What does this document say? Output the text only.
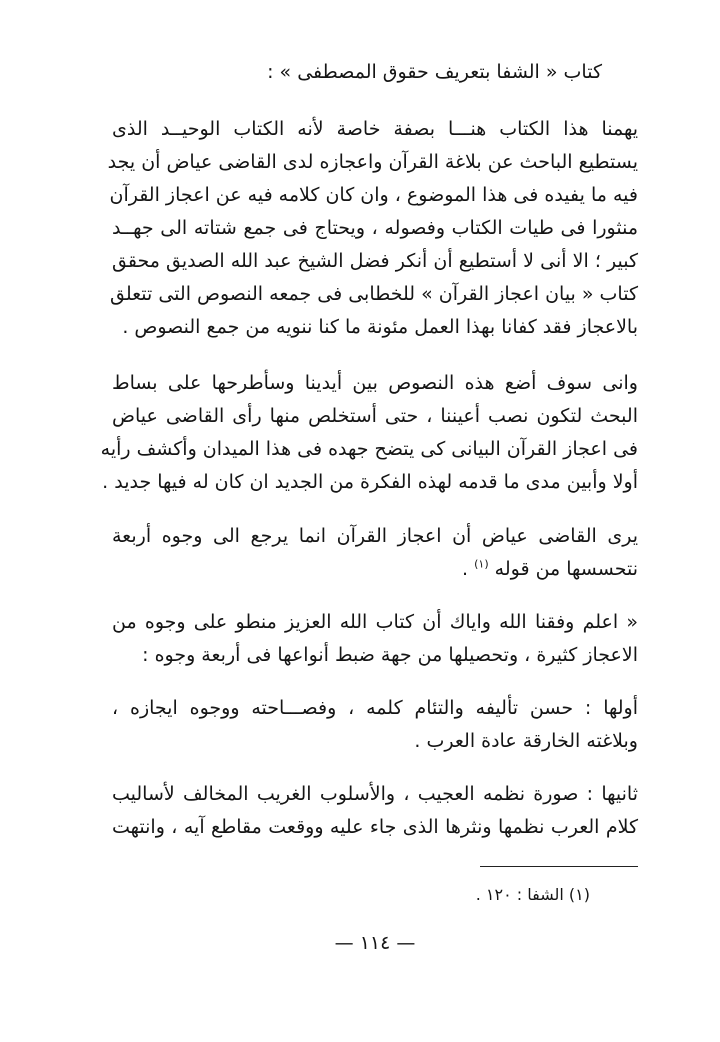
كتاب « الشفا بتعريف حقوق المصطفى » :
يهمنا هذا الكتاب هنـــا بصفة خاصة لأنه الكتاب الوحيــد الذى
يستطيع الباحث عن بلاغة القرآن واعجازه لدى القاضى عياض أن يجد
فيه ما يفيده فى هذا الموضوع ، وان كان كلامه فيه عن اعجاز القرآن
منثورا فى طيات الكتاب وفصوله ، ويحتاج فى جمع شتاته الى جهــد
كبير ؛ الا أنى لا أستطيع أن أنكر فضل الشيخ عبد الله الصديق محقق
كتاب « بيان اعجاز القرآن » للخطابى فى جمعه النصوص التى تتعلق
بالاعجاز فقد كفانا بهذا العمل مئونة ما كنا ننويه من جمع النصوص .
وانى سوف أضع هذه النصوص بين أيدينا وسأطرحها على بساط
البحث لتكون نصب أعيننا ، حتى أستخلص منها رأى القاضى عياض
فى اعجاز القرآن البيانى كى يتضح جهده فى هذا الميدان وأكشف رأيه
أولا وأبين مدى ما قدمه لهذه الفكرة من الجديد ان كان له فيها جديد .
يرى القاضى عياض أن اعجاز القرآن انما يرجع الى وجوه أربعة
نتحسسها من قوله $^{(١)}$ .
« اعلم وفقنا الله واياك أن كتاب الله العزيز منطو على وجوه من
الاعجاز كثيرة ، وتحصيلها من جهة ضبط أنواعها فى أربعة وجوه :
أولها : حسن تأليفه والتئام كلمه ، وفصـــاحته ووجوه ايجازه ،
وبلاغته الخارقة عادة العرب .
ثانيها : صورة نظمه العجيب ، والأسلوب الغريب المخالف لأساليب
كلام العرب نظمها ونثرها الذى جاء عليه ووقعت مقاطع آيه ، وانتهت
(١) الشفا : ١٢٠ .
— ١١٤ —
